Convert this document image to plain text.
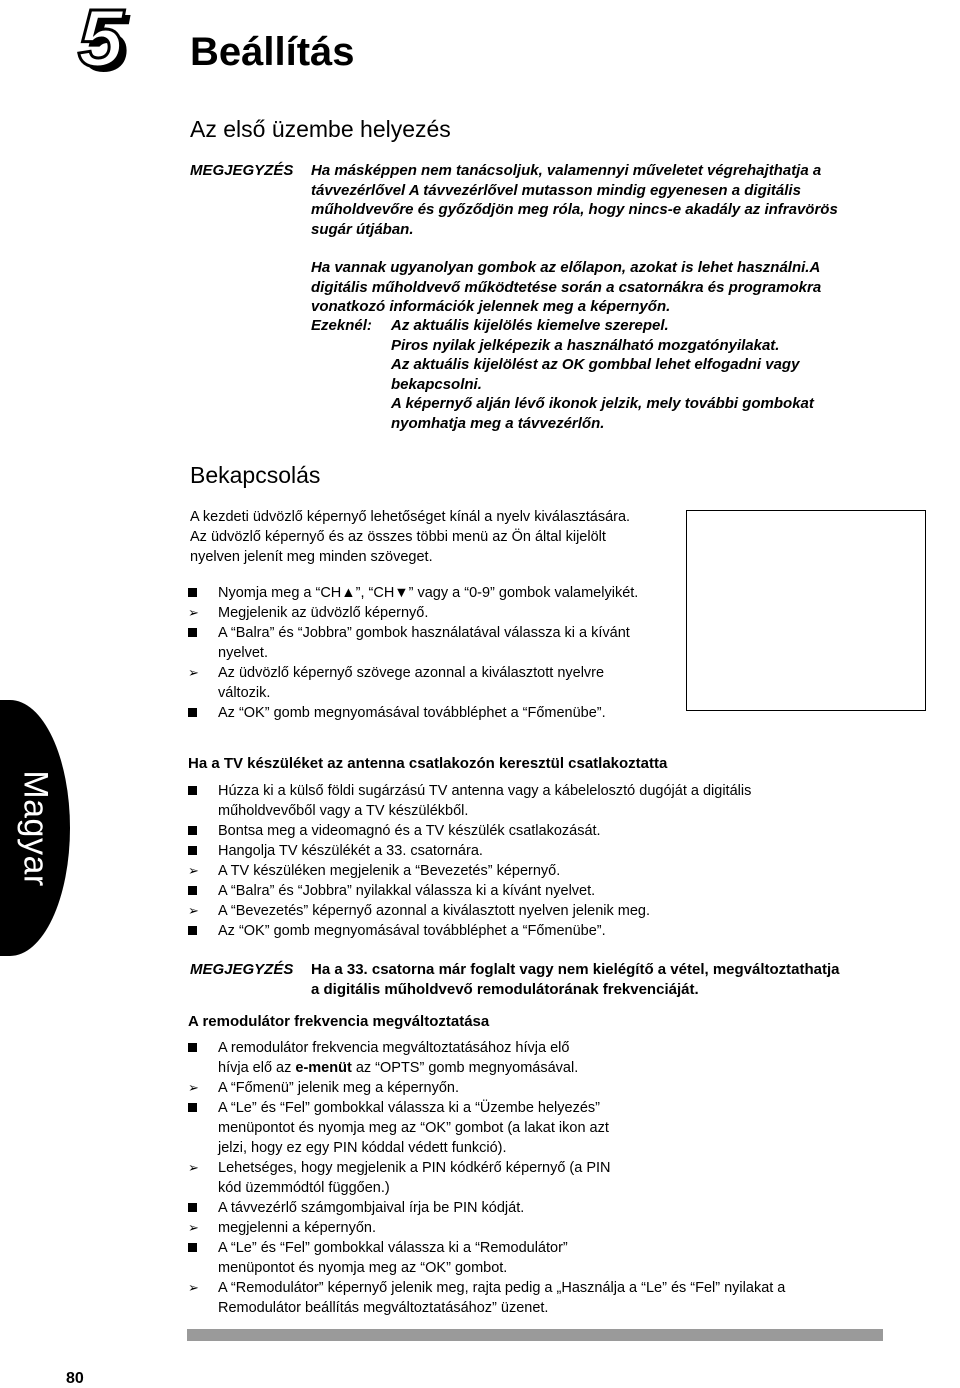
5 Beállítás
Az első üzembe helyezés
MEGJEGYZÉS Ha másképpen nem tanácsoljuk, valamennyi műveletet végrehajthatja a
távvezérlővel A távvezérlővel mutasson mindig egyenesen a digitális
műholdvevőre és győződjön meg róla, hogy nincs-e akadály az infravörös
sugár útjában.
Ha vannak ugyanolyan gombok az előlapon, azokat is lehet használni.A
digitális műholdvevő működtetése során a csatornákra és programokra
vonatkozó információk jelennek meg a képernyőn.
Ezeknél: Az aktuális kijelölés kiemelve szerepel.
Piros nyilak jelképezik a használható mozgatónyilakat.
Az aktuális kijelölést az OK gombbal lehet elfogadni vagy
bekapcsolni.
A képernyő alján lévő ikonok jelzik, mely további gombokat
nyomhatja meg a távvezérlőn.
Bekapcsolás
A kezdeti üdvözlő képernyő lehetőséget kínál a nyelv kiválasztására.
Az üdvözlő képernyő és az összes többi menü az Ön által kijelölt
nyelven jelenít meg minden szöveget.
Nyomja meg a “CH▲”, “CH▼” vagy a “0-9” gombok valamelyikét.
➢	Megjelenik az üdvözlő képernyő.
A “Balra” és “Jobbra” gombok használatával válassza ki a kívánt
nyelvet.
➢	Az üdvözlő képernyő szövege azonnal a kiválasztott nyelvre
változik.
Az “OK” gomb megnyomásával továbbléphet a “Főmenübe”.
Magyar
Ha a TV készüléket az antenna csatlakozón keresztül csatlakoztatta
Húzza ki a külső földi sugárzású TV antenna vagy a kábelelosztó dugóját a digitális
műholdvevőből vagy a TV készülékből.
Bontsa meg a videomagnó és a TV készülék csatlakozását.
Hangolja TV készülékét a 33. csatornára.
➢	A TV készüléken megjelenik a “Bevezetés” képernyő.
A “Balra” és “Jobbra” nyilakkal válassza ki a kívánt nyelvet.
➢	A “Bevezetés” képernyő azonnal a kiválasztott nyelven jelenik meg.
Az “OK” gomb megnyomásával továbbléphet a “Főmenübe”.
MEGJEGYZÉS Ha a 33. csatorna már foglalt vagy nem kielégítő a vétel, megváltoztathatja
a digitális műholdvevő remodulátorának frekvenciáját.
A remodulátor frekvencia megváltoztatása
A remodulátor frekvencia megváltoztatásához hívja elő
hívja elő az e-menüt az “OPTS” gomb megnyomásával.
➢	A “Főmenü” jelenik meg a képernyőn.
A “Le” és “Fel” gombokkal válassza ki a “Üzembe helyezés”
menüpontot és nyomja meg az “OK” gombot (a lakat ikon azt
jelzi, hogy ez egy PIN kóddal védett funkció).
➢	Lehetséges, hogy megjelenik a PIN kódkérő képernyő (a PIN
kód üzemmódtól függően.)
A távvezérlő számgombjaival írja be PIN kódját.
➢	megjelenni a képernyőn.
A “Le” és “Fel” gombokkal válassza ki a “Remodulátor”
menüpontot és nyomja meg az “OK” gombot.
➢	A “Remodulátor” képernyő jelenik meg, rajta pedig a „Használja a “Le” és “Fel” nyilakat a
Remodulátor beállítás megváltoztatásához” üzenet.
80
